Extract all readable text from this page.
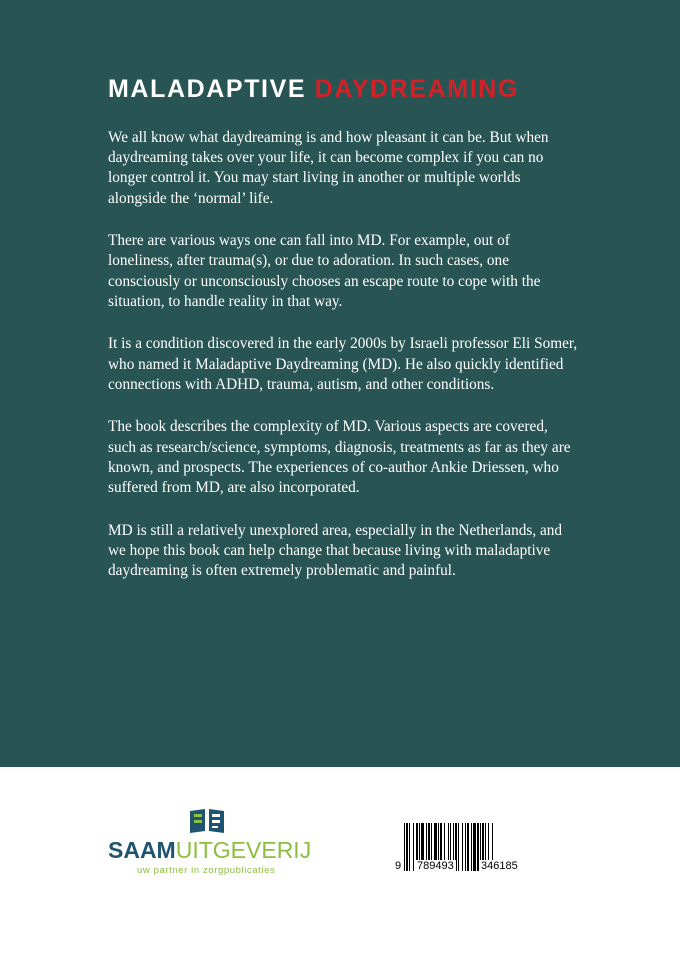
MALADAPTIVE DAYDREAMING

We all know what daydreaming is and how pleasant it can be. But when daydreaming takes over your life, it can become complex if you can no longer control it. You may start living in another or multiple worlds alongside the ‘normal’ life.

There are various ways one can fall into MD. For example, out of loneliness, after trauma(s), or due to adoration. In such cases, one consciously or unconsciously chooses an escape route to cope with the situation, to handle reality in that way.

It is a condition discovered in the early 2000s by Israeli professor Eli Somer, who named it Maladaptive Daydreaming (MD). He also quickly identified connections with ADHD, trauma, autism, and other conditions.

The book describes the complexity of MD. Various aspects are covered, such as research/science, symptoms, diagnosis, treatments as far as they are known, and prospects. The experiences of co-author Ankie Driessen, who suffered from MD, are also incorporated.

MD is still a relatively unexplored area, especially in the Netherlands, and we hope this book can help change that because living with maladaptive daydreaming is often extremely problematic and painful.

SAAMUITGEVERIJ
uw partner in zorgpublicaties	9 789493 346185
